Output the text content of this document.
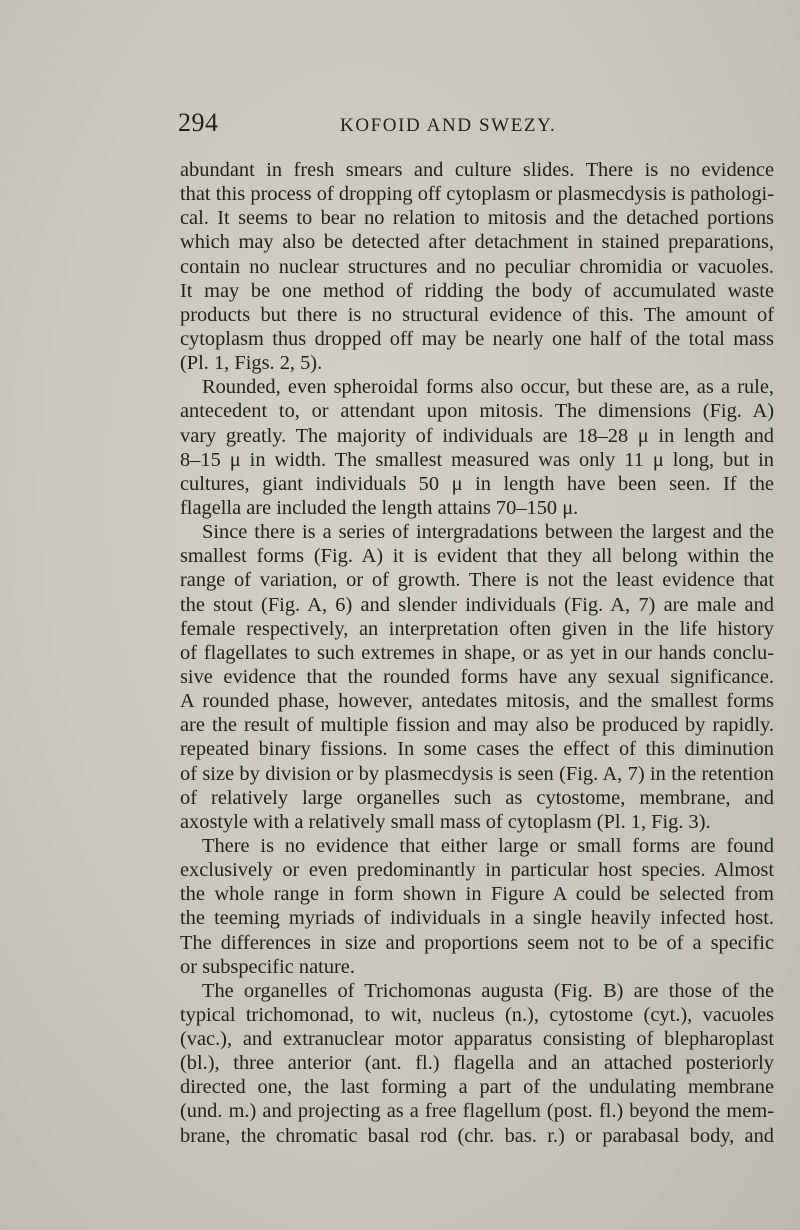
294	KOFOID AND SWEZY.
abundant in fresh smears and culture slides. There is no evidence
that this process of dropping off cytoplasm or plasmecdysis is pathologi-
cal. It seems to bear no relation to mitosis and the detached portions
which may also be detected after detachment in stained preparations,
contain no nuclear structures and no peculiar chromidia or vacuoles.
It may be one method of ridding the body of accumulated waste
products but there is no structural evidence of this. The amount of
cytoplasm thus dropped off may be nearly one half of the total mass
(Pl. 1, Figs. 2, 5).
Rounded, even spheroidal forms also occur, but these are, as a rule,
antecedent to, or attendant upon mitosis. The dimensions (Fig. A)
vary greatly. The majority of individuals are 18–28 μ in length and
8–15 μ in width. The smallest measured was only 11 μ long, but in
cultures, giant individuals 50 μ in length have been seen. If the
flagella are included the length attains 70–150 μ.
Since there is a series of intergradations between the largest and the
smallest forms (Fig. A) it is evident that they all belong within the
range of variation, or of growth. There is not the least evidence that
the stout (Fig. A, 6) and slender individuals (Fig. A, 7) are male and
female respectively, an interpretation often given in the life history
of flagellates to such extremes in shape, or as yet in our hands conclu-
sive evidence that the rounded forms have any sexual significance.
A rounded phase, however, antedates mitosis, and the smallest forms
are the result of multiple fission and may also be produced by rapidly.
repeated binary fissions. In some cases the effect of this diminution
of size by division or by plasmecdysis is seen (Fig. A, 7) in the retention
of relatively large organelles such as cytostome, membrane, and
axostyle with a relatively small mass of cytoplasm (Pl. 1, Fig. 3).
There is no evidence that either large or small forms are found
exclusively or even predominantly in particular host species. Almost
the whole range in form shown in Figure A could be selected from
the teeming myriads of individuals in a single heavily infected host.
The differences in size and proportions seem not to be of a specific
or subspecific nature.
The organelles of Trichomonas augusta (Fig. B) are those of the
typical trichomonad, to wit, nucleus (n.), cytostome (cyt.), vacuoles
(vac.), and extranuclear motor apparatus consisting of blepharoplast
(bl.), three anterior (ant. fl.) flagella and an attached posteriorly
directed one, the last forming a part of the undulating membrane
(und. m.) and projecting as a free flagellum (post. fl.) beyond the mem-
brane, the chromatic basal rod (chr. bas. r.) or parabasal body, and
